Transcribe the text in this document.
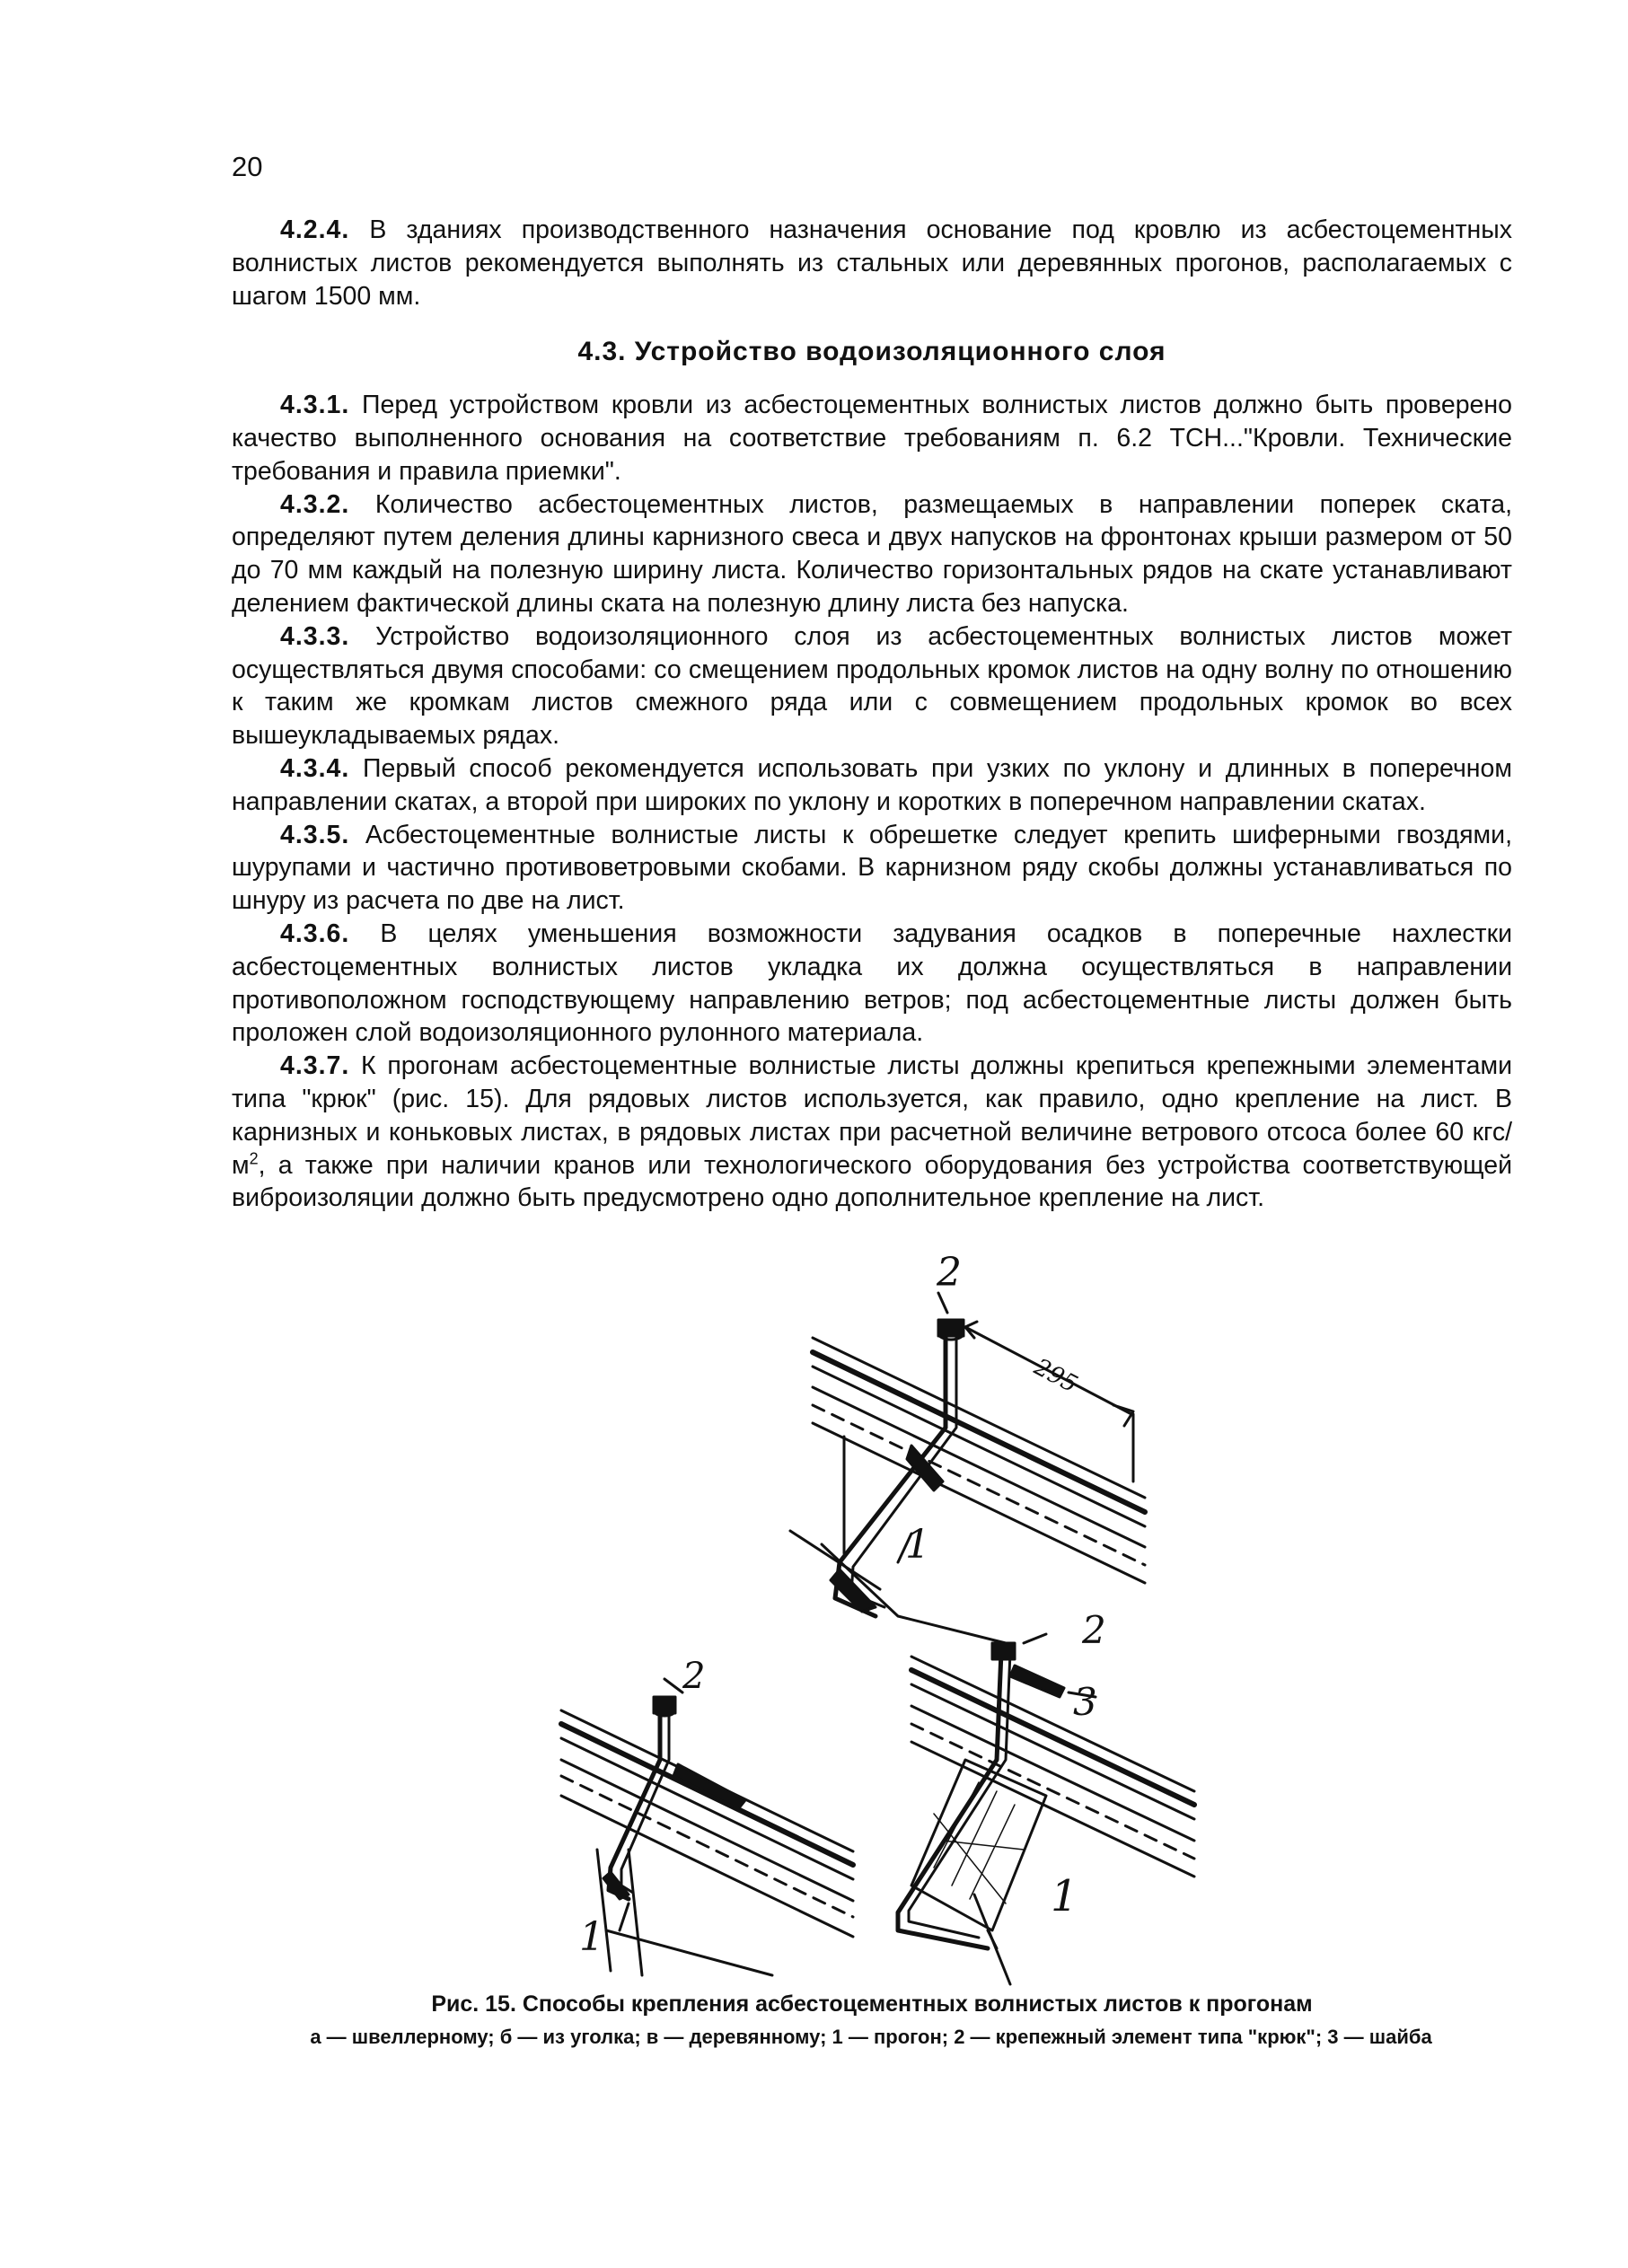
20

4.2.4. В зданиях производственного назначения основание под кровлю из асбестоцементных волнистых листов рекомендуется выполнять из стальных или деревянных прогонов, располагаемых с шагом 1500 мм.

4.3. Устройство водоизоляционного слоя

4.3.1. Перед устройством кровли из асбестоцементных волнистых листов должно быть проверено качество выполненного основания на соответствие требованиям п. 6.2 ТСН..."Кровли. Технические требования и правила приемки".

4.3.2. Количество асбестоцементных листов, размещаемых в направлении поперек ската, определяют путем деления длины карнизного свеса и двух напусков на фронтонах крыши размером от 50 до 70 мм каждый на полезную ширину листа. Количество горизонтальных рядов на скате устанавливают делением фактической длины ската на полезную длину листа без напуска.

4.3.3. Устройство водоизоляционного слоя из асбестоцементных волнистых листов может осуществляться двумя способами: со смещением продольных кромок листов на одну волну по отношению к таким же кромкам листов смежного ряда или с совмещением продольных кромок во всех вышеукладываемых рядах.

4.3.4. Первый способ рекомендуется использовать при узких по уклону и длинных в поперечном направлении скатах, а второй при широких по уклону и коротких в поперечном направлении скатах.

4.3.5. Асбестоцементные волнистые листы к обрешетке следует крепить шиферными гвоздями, шурупами и частично противоветровыми скобами. В карнизном ряду скобы должны устанавливаться по шнуру из расчета по две на лист.

4.3.6. В целях уменьшения возможности задувания осадков в поперечные нахлестки асбестоцементных волнистых листов укладка их должна осуществляться в направлении противоположном господствующему направлению ветров; под асбестоцементные листы должен быть проложен слой водоизоляционного рулонного материала.

4.3.7. К прогонам асбестоцементные волнистые листы должны крепиться крепежными элементами типа "крюк" (рис. 15). Для рядовых листов используется, как правило, одно крепление на лист. В карнизных и коньковых листах, в рядовых листах при расчетной величине ветрового отсоса более 60 кгс/$м^2$, а также при наличии кранов или технологического оборудования без устройства соответствующей виброизоляции должно быть предусмотрено одно дополнительное крепление на лист.

2
295
1
2
1
2
3
1
Рис. 15. Способы крепления асбестоцементных волнистых листов к прогонам
а — швеллерному; б — из уголка; в — деревянному; 1 — прогон; 2 — крепежный элемент типа "крюк"; 3 — шайба
